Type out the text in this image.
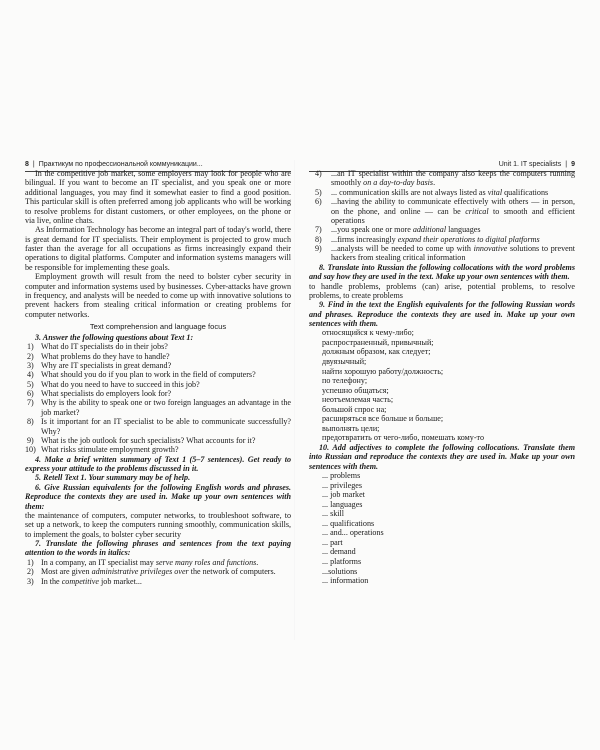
8 | Практикум по профессиональной коммуникации...	Unit 1. IT specialists | 9

In the competitive job market, some employers may look for people who are bilingual. If you want to become an IT specialist, and you speak one or more additional languages, you may find it somewhat easier to find a good position. This particular skill is often preferred among job applicants who will be working to resolve problems for distant customers, or other employees, on the phone or via live, online chats.

As Information Technology has become an integral part of today's world, there is great demand for IT specialists. Their employment is projected to grow much faster than the average for all occupations as firms increasingly expand their operations to digital platforms. Computer and information systems managers will be responsible for implementing these goals.

Employment growth will result from the need to bolster cyber security in computer and information systems used by businesses. Cyber-attacks have grown in frequency, and analysts will be needed to come up with innovative solutions to prevent hackers from stealing critical information or creating problems for computer networks.

Text comprehension and language focus

3. Answer the following questions about Text 1:

1) What do IT specialists do in their jobs?
2) What problems do they have to handle?
3) Why are IT specialists in great demand?
4) What should you do if you plan to work in the field of computers?
5) What do you need to have to succeed in this job?
6) What specialists do employers look for?
7) Why is the ability to speak one or two foreign languages an advantage in the job market?
8) Is it important for an IT specialist to be able to communicate successfully? Why?
9) What is the job outlook for such specialists? What accounts for it?
10) What risks stimulate employment growth?

4. Make a brief written summary of Text 1 (5–7 sentences). Get ready to express your attitude to the problems discussed in it.

5. Retell Text 1. Your summary may be of help.

6. Give Russian equivalents for the following English words and phrases. Reproduce the contexts they are used in. Make up your own sentences with them:

the maintenance of computers, computer networks, to troubleshoot software, to set up a network, to keep the computers running smoothly, communication skills, to implement the goals, to bolster cyber security

7. Translate the following phrases and sentences from the text paying attention to the words in italics:

1) In a company, an IT specialist may serve many roles and functions.
2) Most are given administrative privileges over the network of computers.
3) In the competitive job market...
4) ...an IT specialist within the company also keeps the computers running smoothly on a day-to-day basis.
5) ... communication skills are not always listed as vital qualifications
6) ...having the ability to communicate effectively with others — in person, on the phone, and online — can be critical to smooth and efficient operations
7) ...you speak one or more additional languages
8) ...firms increasingly expand their operations to digital platforms
9) ...analysts will be needed to come up with innovative solutions to prevent hackers from stealing critical information

8. Translate into Russian the following collocations with the word problems and say how they are used in the text. Make up your own sentences with them.

to handle problems, problems (can) arise, potential problems, to resolve problems, to create problems

9. Find in the text the English equivalents for the following Russian words and phrases. Reproduce the contexts they are used in. Make up your own sentences with them.

относящийся к чему-либо;
распространенный, привычный;
должным образом, как следует;
двуязычный;
найти хорошую работу/должность;
по телефону;
успешно общаться;
неотъемлемая часть;
большой спрос на;
расширяться все больше и больше;
выполнять цели;
предотвратить от чего-либо, помешать кому-то

10. Add adjectives to complete the following collocations. Translate them into Russian and reproduce the contexts they are used in. Make up your own sentences with them.

... problems
... privileges
... job market
... languages
... skill
... qualifications
... and... operations
... part
... demand
... platforms
...solutions
... information
